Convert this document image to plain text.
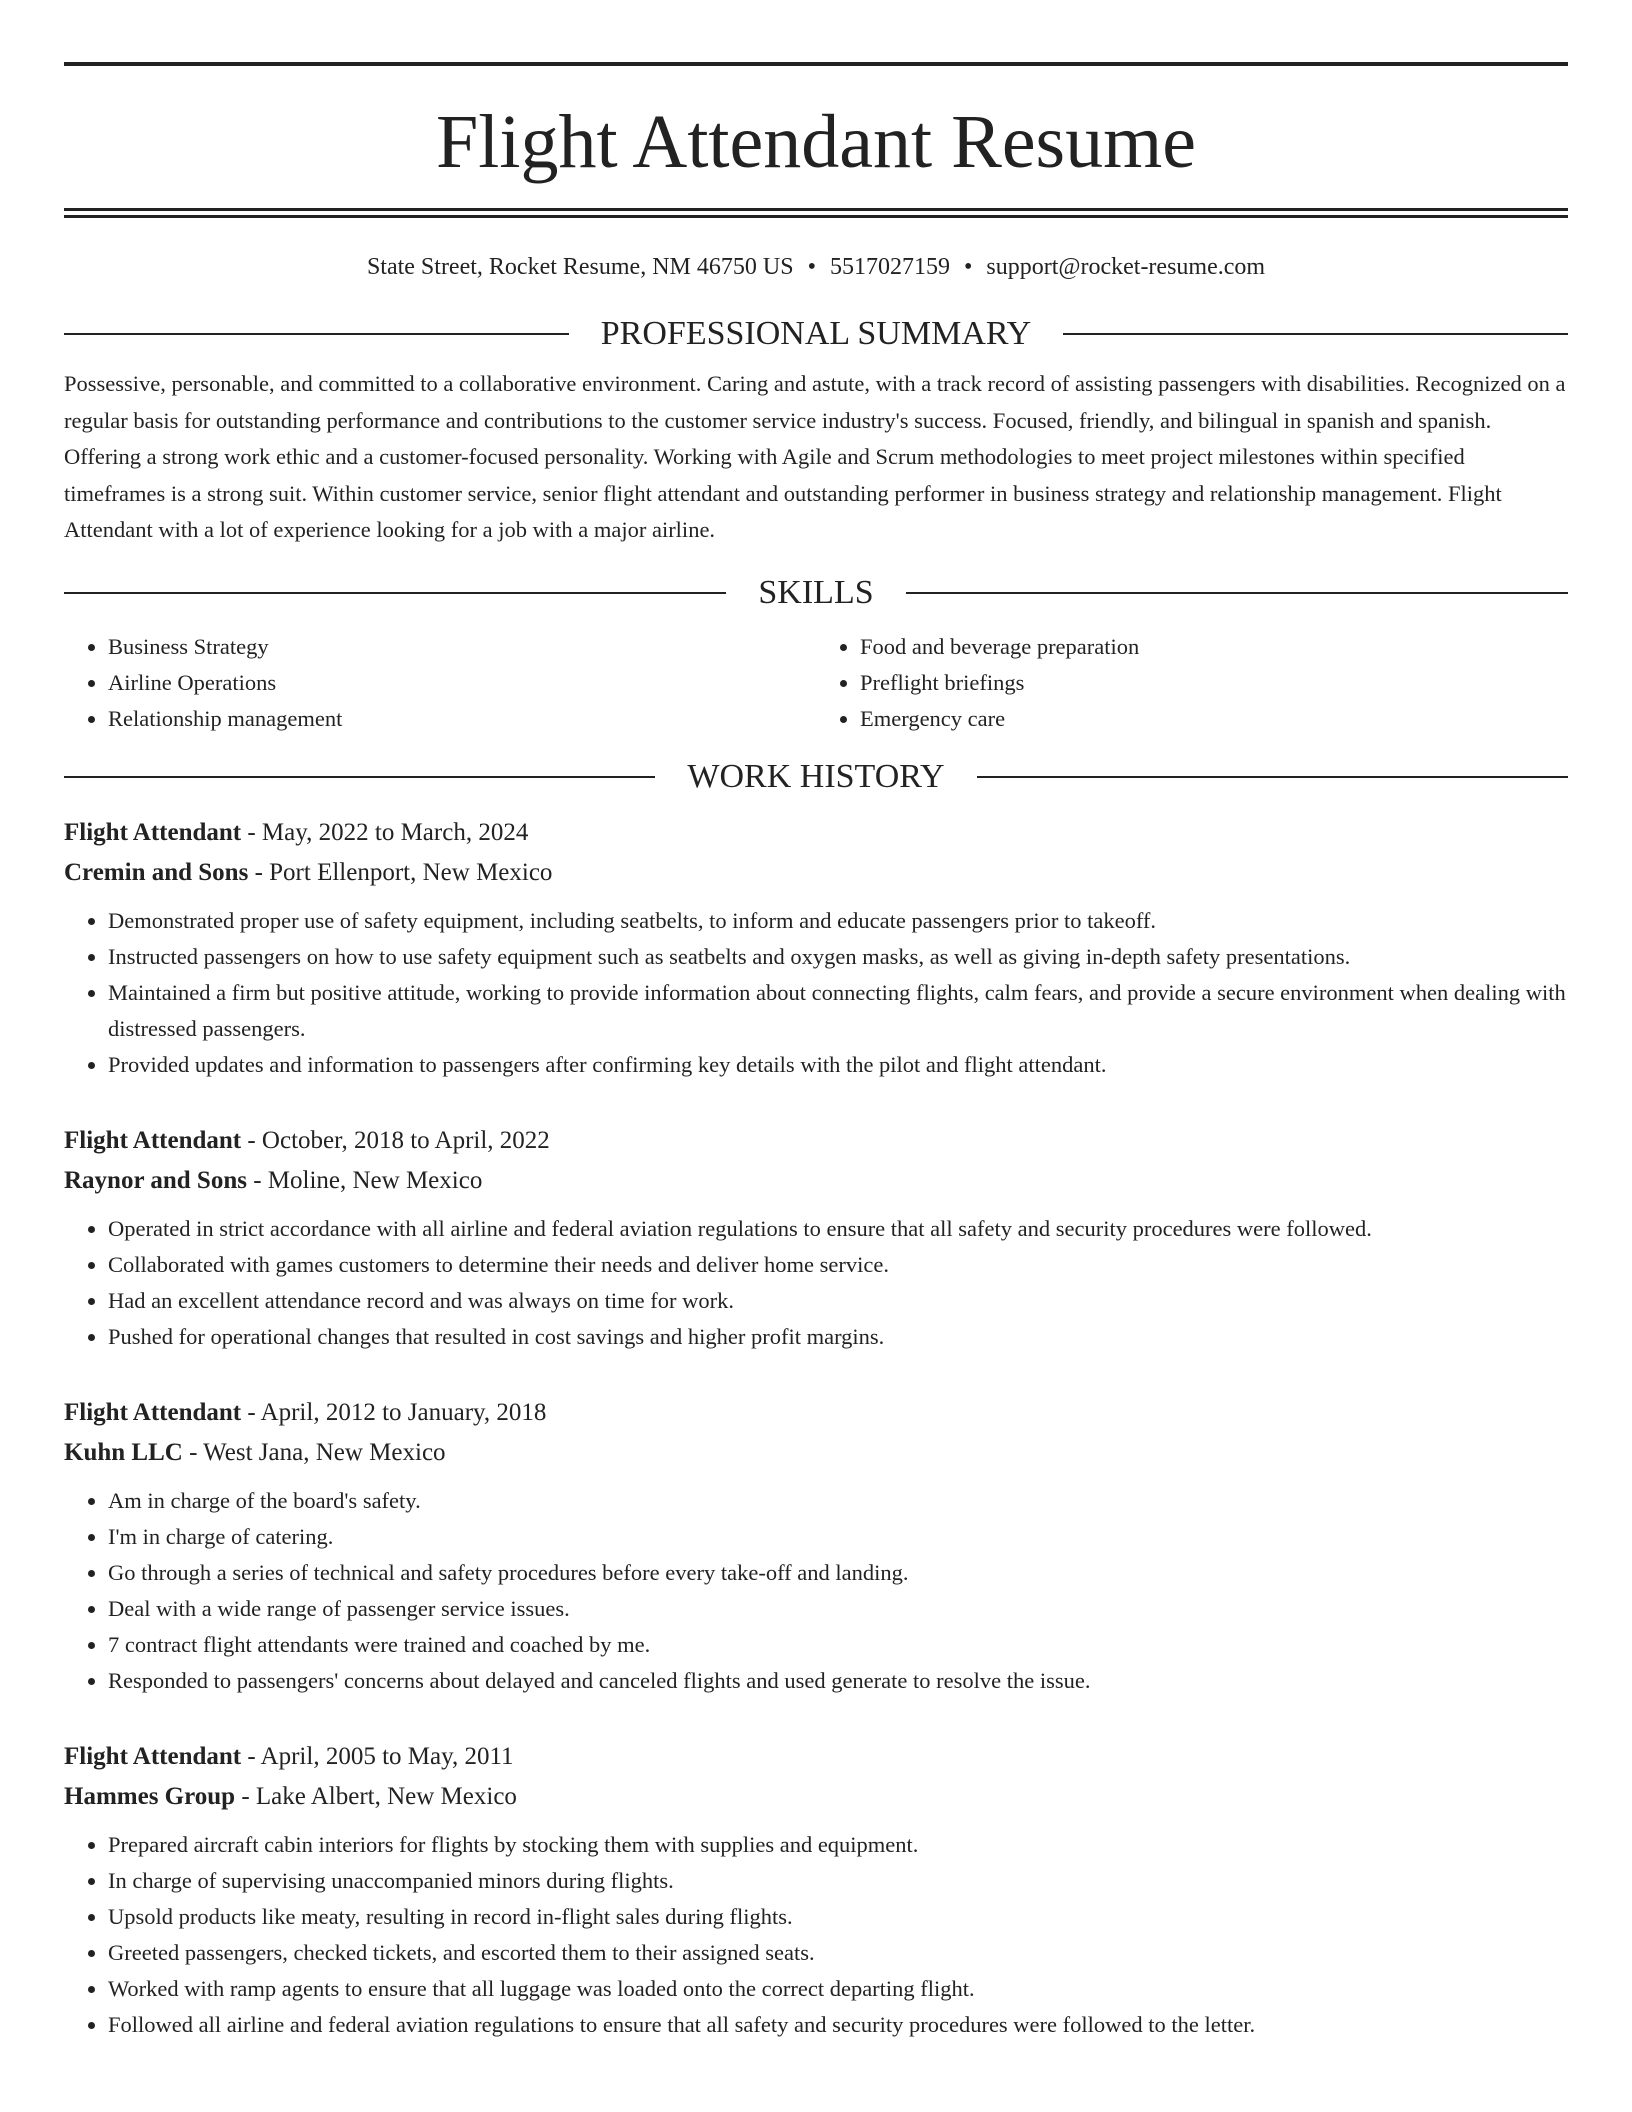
Flight Attendant Resume
State Street, Rocket Resume, NM 46750 US • 5517027159 • support@rocket-resume.com
PROFESSIONAL SUMMARY

Possessive, personable, and committed to a collaborative environment. Caring and astute, with a track record of assisting passengers with disabilities. Recognized on a regular basis for outstanding performance and contributions to the customer service industry's success. Focused, friendly, and bilingual in spanish and spanish. Offering a strong work ethic and a customer-focused personality. Working with Agile and Scrum methodologies to meet project milestones within specified timeframes is a strong suit. Within customer service, senior flight attendant and outstanding performer in business strategy and relationship management. Flight Attendant with a lot of experience looking for a job with a major airline.

SKILLS
• Business Strategy
• Airline Operations
• Relationship management
• Food and beverage preparation
• Preflight briefings
• Emergency care
WORK HISTORY
Flight Attendant - May, 2022 to March, 2024
Cremin and Sons - Port Ellenport, New Mexico
• Demonstrated proper use of safety equipment, including seatbelts, to inform and educate passengers prior to takeoff.
• Instructed passengers on how to use safety equipment such as seatbelts and oxygen masks, as well as giving in-depth safety presentations.
• Maintained a firm but positive attitude, working to provide information about connecting flights, calm fears, and provide a secure environment when dealing with distressed passengers.
• Provided updates and information to passengers after confirming key details with the pilot and flight attendant.
Flight Attendant - October, 2018 to April, 2022
Raynor and Sons - Moline, New Mexico
• Operated in strict accordance with all airline and federal aviation regulations to ensure that all safety and security procedures were followed.
• Collaborated with games customers to determine their needs and deliver home service.
• Had an excellent attendance record and was always on time for work.
• Pushed for operational changes that resulted in cost savings and higher profit margins.
Flight Attendant - April, 2012 to January, 2018
Kuhn LLC - West Jana, New Mexico
• Am in charge of the board's safety.
• I'm in charge of catering.
• Go through a series of technical and safety procedures before every take-off and landing.
• Deal with a wide range of passenger service issues.
• 7 contract flight attendants were trained and coached by me.
• Responded to passengers' concerns about delayed and canceled flights and used generate to resolve the issue.
Flight Attendant - April, 2005 to May, 2011
Hammes Group - Lake Albert, New Mexico
• Prepared aircraft cabin interiors for flights by stocking them with supplies and equipment.
• In charge of supervising unaccompanied minors during flights.
• Upsold products like meaty, resulting in record in-flight sales during flights.
• Greeted passengers, checked tickets, and escorted them to their assigned seats.
• Worked with ramp agents to ensure that all luggage was loaded onto the correct departing flight.
• Followed all airline and federal aviation regulations to ensure that all safety and security procedures were followed to the letter.
